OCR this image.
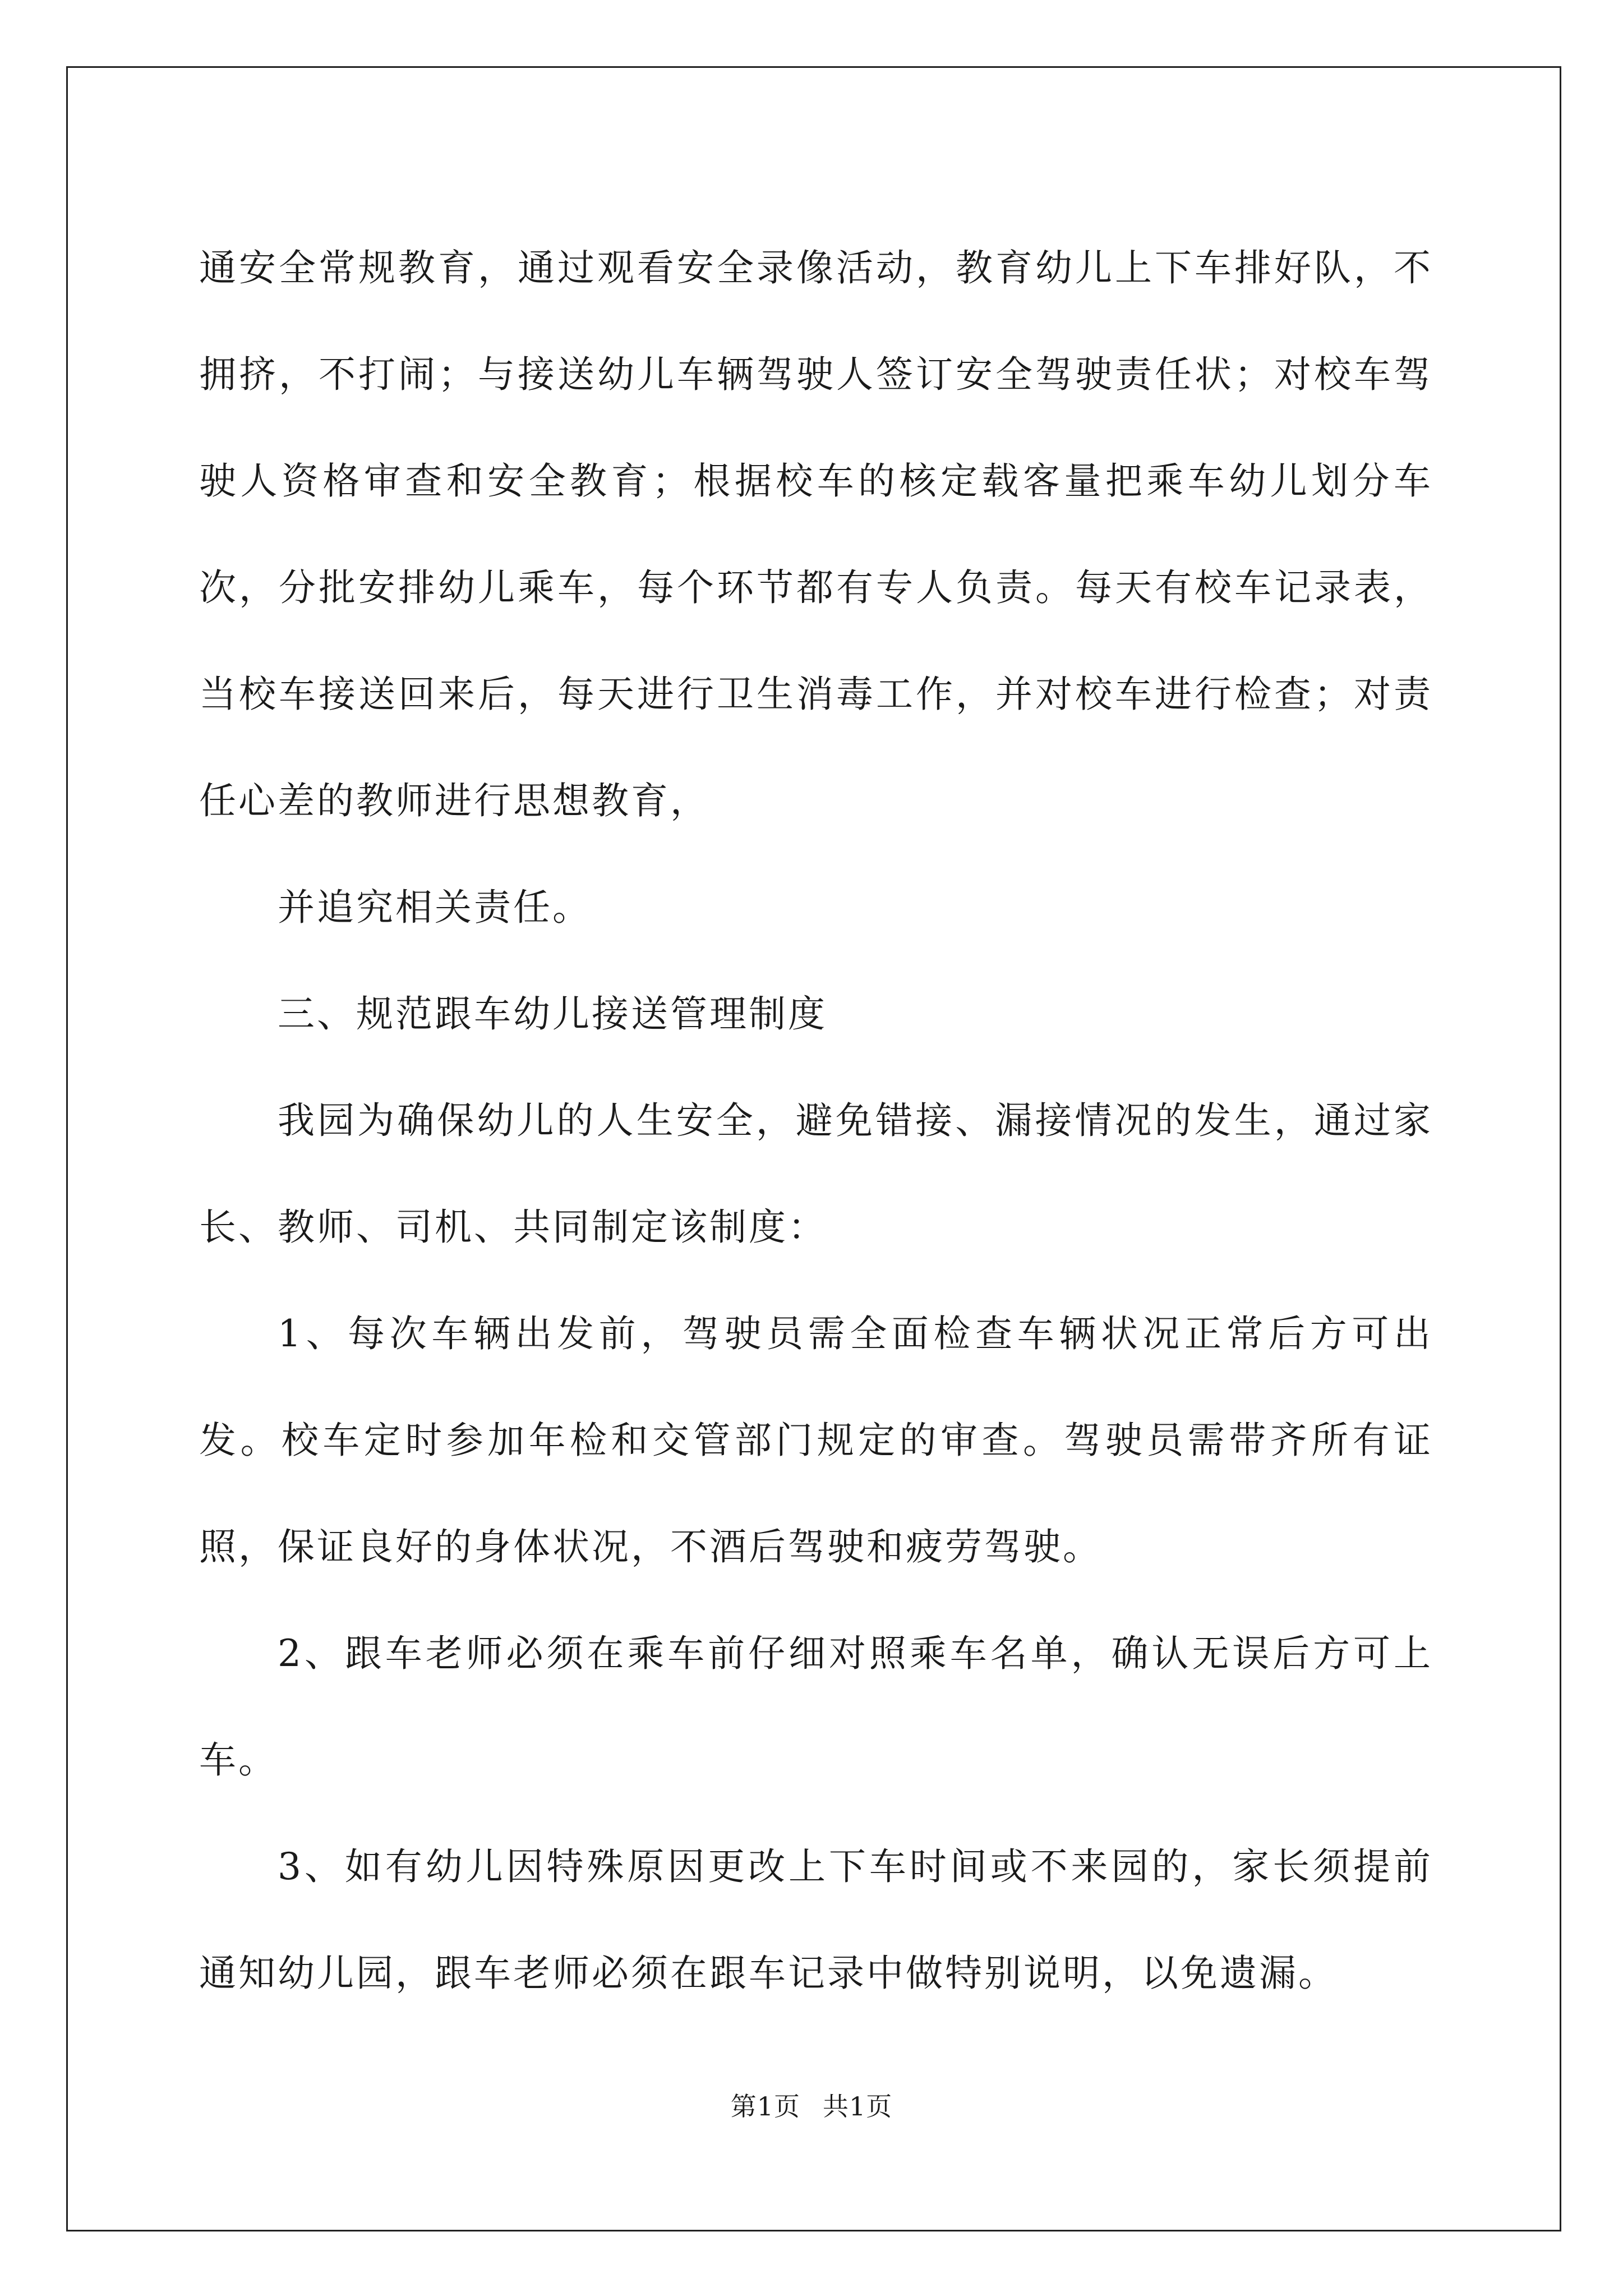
通安全常规教育，通过观看安全录像活动，教育幼儿上下车排好队，不拥挤，不打闹；与接送幼儿车辆驾驶人签订安全驾驶责任状；对校车驾驶人资格审查和安全教育；根据校车的核定载客量把乘车幼儿划分车次，分批安排幼儿乘车，每个环节都有专人负责。每天有校车记录表，当校车接送回来后，每天进行卫生消毒工作，并对校车进行检查；对责任心差的教师进行思想教育，

并追究相关责任。

三、规范跟车幼儿接送管理制度

我园为确保幼儿的人生安全，避免错接、漏接情况的发生，通过家长、教师、司机、共同制定该制度：

1、每次车辆出发前，驾驶员需全面检查车辆状况正常后方可出发。校车定时参加年检和交管部门规定的审查。驾驶员需带齐所有证照，保证良好的身体状况，不酒后驾驶和疲劳驾驶。

2、跟车老师必须在乘车前仔细对照乘车名单，确认无误后方可上车。

3、如有幼儿因特殊原因更改上下车时间或不来园的，家长须提前通知幼儿园，跟车老师必须在跟车记录中做特别说明，以免遗漏。

第1页 共1页
